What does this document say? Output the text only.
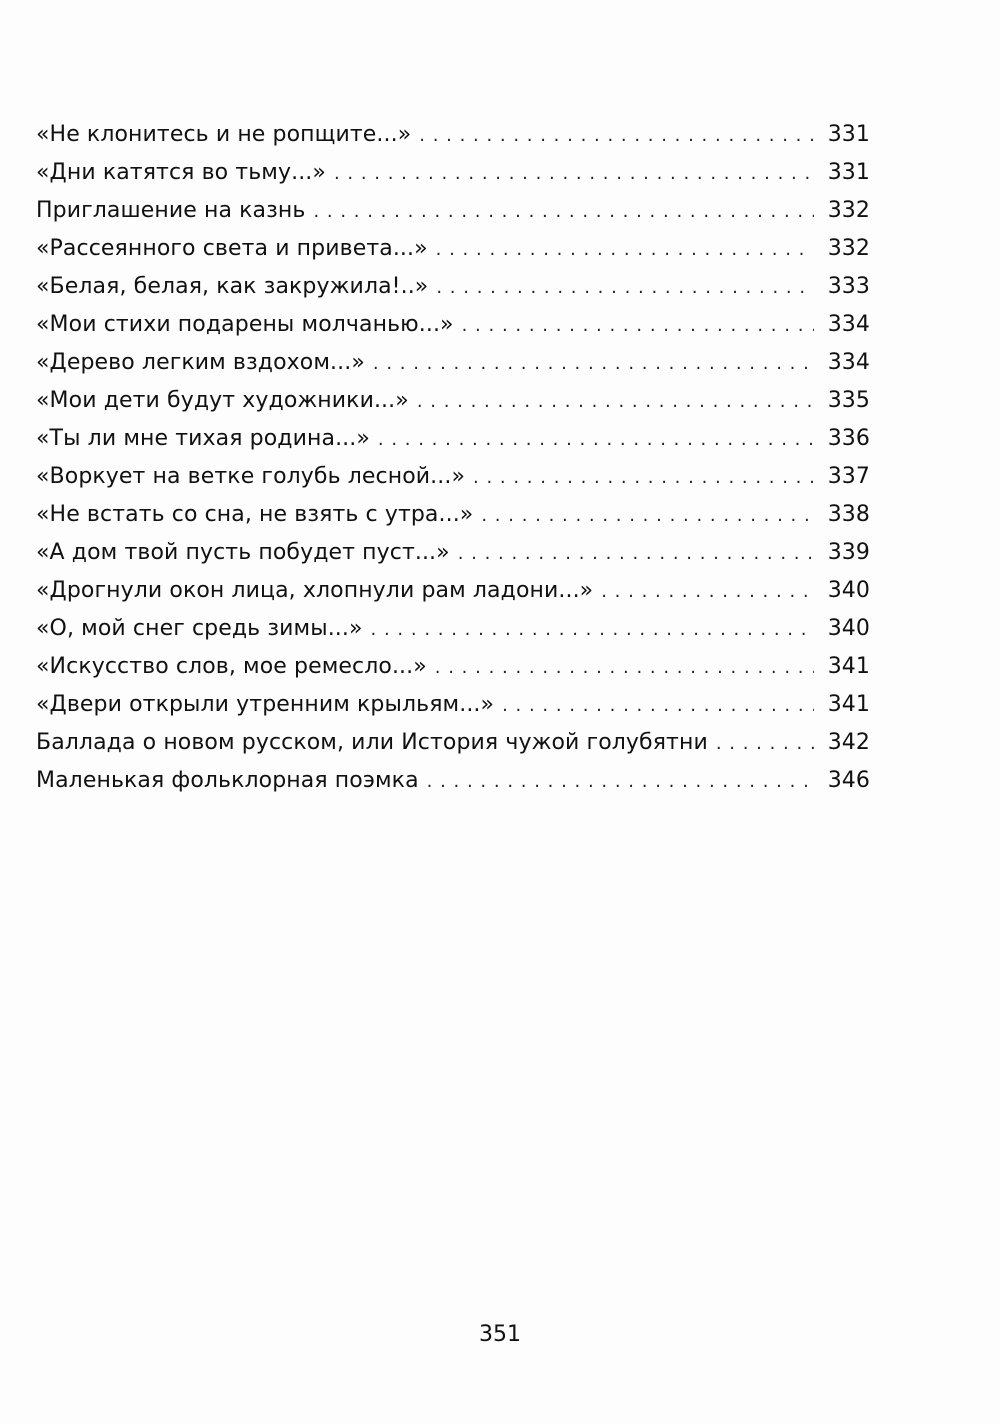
«Не клонитесь и не ропщите...» . . .	331
«Дни катятся во тьму...» . . .	331
Приглашение на казнь . . .	332
«Рассеянного света и привета...» . . .	332
«Белая, белая, как закружила!..» . . .	333
«Мои стихи подарены молчанью...» . . .	334
«Дерево легким вздохом...» . . .	334
«Мои дети будут художники...» . . .	335
«Ты ли мне тихая родина...» . . .	336
«Воркует на ветке голубь лесной...» . . .	337
«Не встать со сна, не взять с утра...» . . .	338
«А дом твой пусть побудет пуст...» . . .	339
«Дрогнули окон лица, хлопнули рам ладони...» . . .	340
«О, мой снег средь зимы...» . . .	340
«Искусство слов, мое ремесло...» . . .	341
«Двери открыли утренним крыльям...» . . .	341
Баллада о новом русском, или История чужой голубятни . . .	342
Маленькая фольклорная поэмка . . .	346
351
